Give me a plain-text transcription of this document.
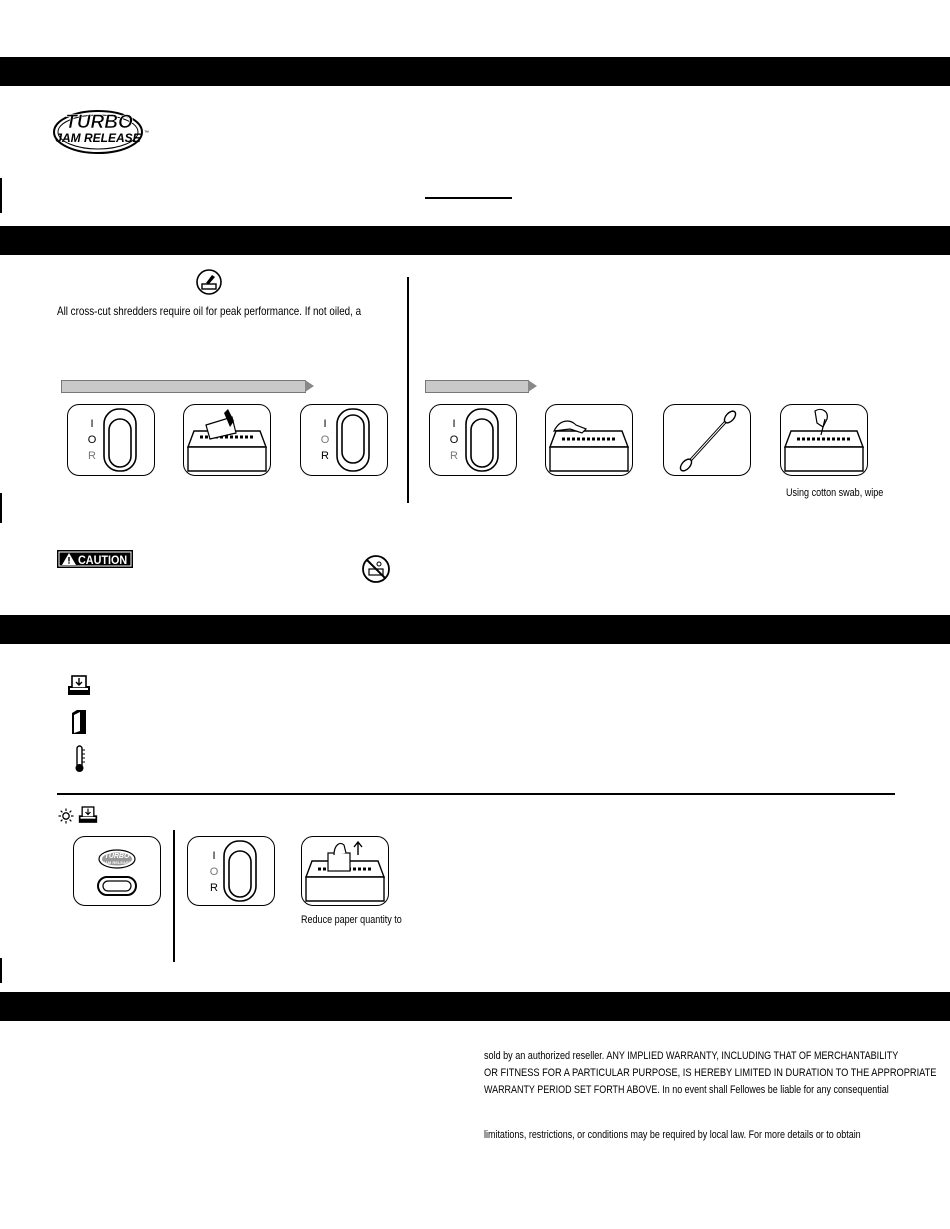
TURBO
JAM RELEASE ™
All cross-cut shredders require oil for peak performance. If not oiled, a
I
O
R
I
O
R
I
O
R
Using cotton swab, wipe
CAUTION
TURBO
JAM RELEASE
I
O
R
Reduce paper quantity to
sold by an authorized reseller. ANY IMPLIED WARRANTY, INCLUDING THAT OF MERCHANTABILITY
OR FITNESS FOR A PARTICULAR PURPOSE, IS HEREBY LIMITED IN DURATION TO THE APPROPRIATE
WARRANTY PERIOD SET FORTH ABOVE. In no event shall Fellowes be liable for any consequential
limitations, restrictions, or conditions may be required by local law. For more details or to obtain
